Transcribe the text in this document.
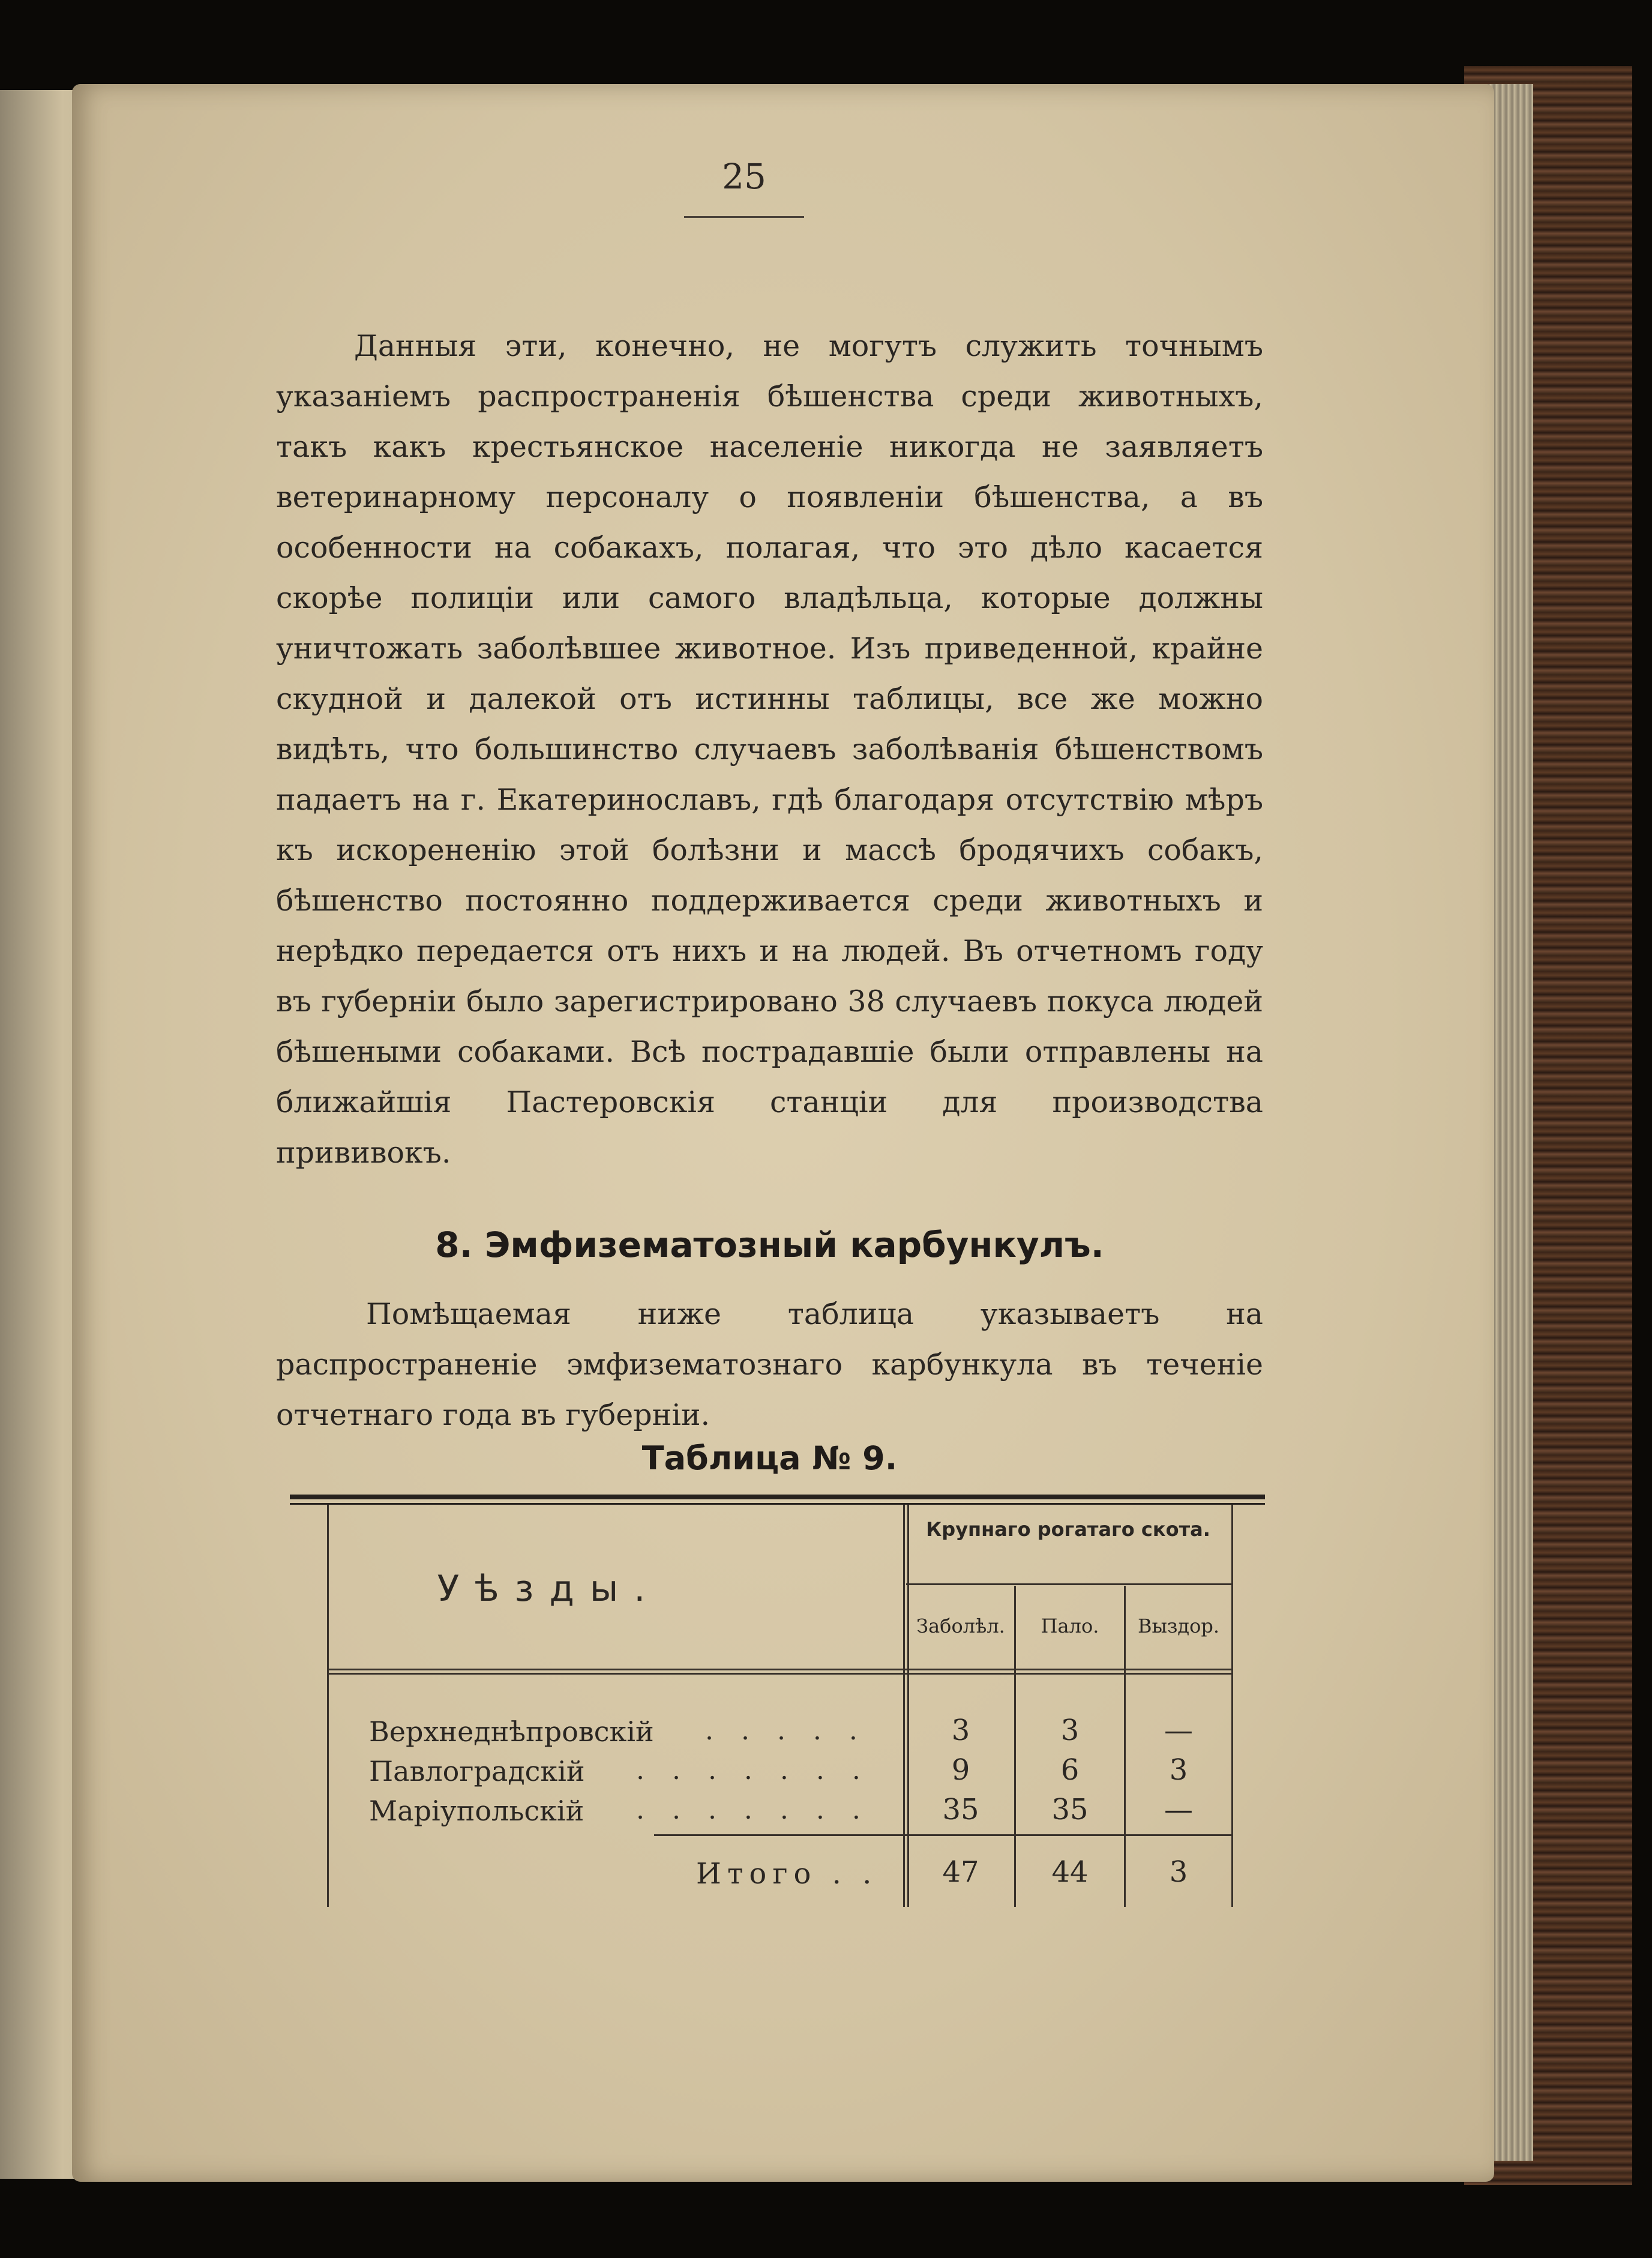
25
Данныя эти, конечно, не могутъ служить точнымъ указаніемъ распространенія бѣшенства среди животныхъ, такъ какъ крестьянское населеніе никогда не заявляетъ ветеринарному персоналу о появленіи бѣшенства, а въ особенности на собакахъ, полагая, что это дѣло касается скорѣе полиціи или самого владѣльца, которые должны уничтожать заболѣвшее животное. Изъ приведенной, крайне скудной и далекой отъ истинны таблицы, все же можно видѣть, что большинство случаевъ заболѣванія бѣшенствомъ падаетъ на г. Екатеринославъ, гдѣ благодаря отсутствію мѣръ къ искорененію этой болѣзни и массѣ бродячихъ собакъ, бѣшенство постоянно поддерживается среди животныхъ и нерѣдко передается отъ нихъ и на людей. Въ отчетномъ году въ губерніи было зарегистрировано 38 случаевъ покуса людей бѣшеными собаками. Всѣ пострадавшіе были отправлены на ближайшія Пастеровскія станціи для производства прививокъ.
8. Эмфизематозный карбункулъ.
Помѣщаемая ниже таблица указываетъ на распространеніе эмфизематознаго карбункула въ теченіе отчетнаго года въ губерніи.
Таблица № 9.
Уѣзды.
Крупнаго рогатаго скота.
Заболѣл.	Пало.	Выздор.
Верхнеднѣпровскій . . . . .	3	3	—
Павлоградскій . . . . . . .	9	6	3
Маріупольскій . . . . . . .	35	35	—
Итого . .	47	44	3
